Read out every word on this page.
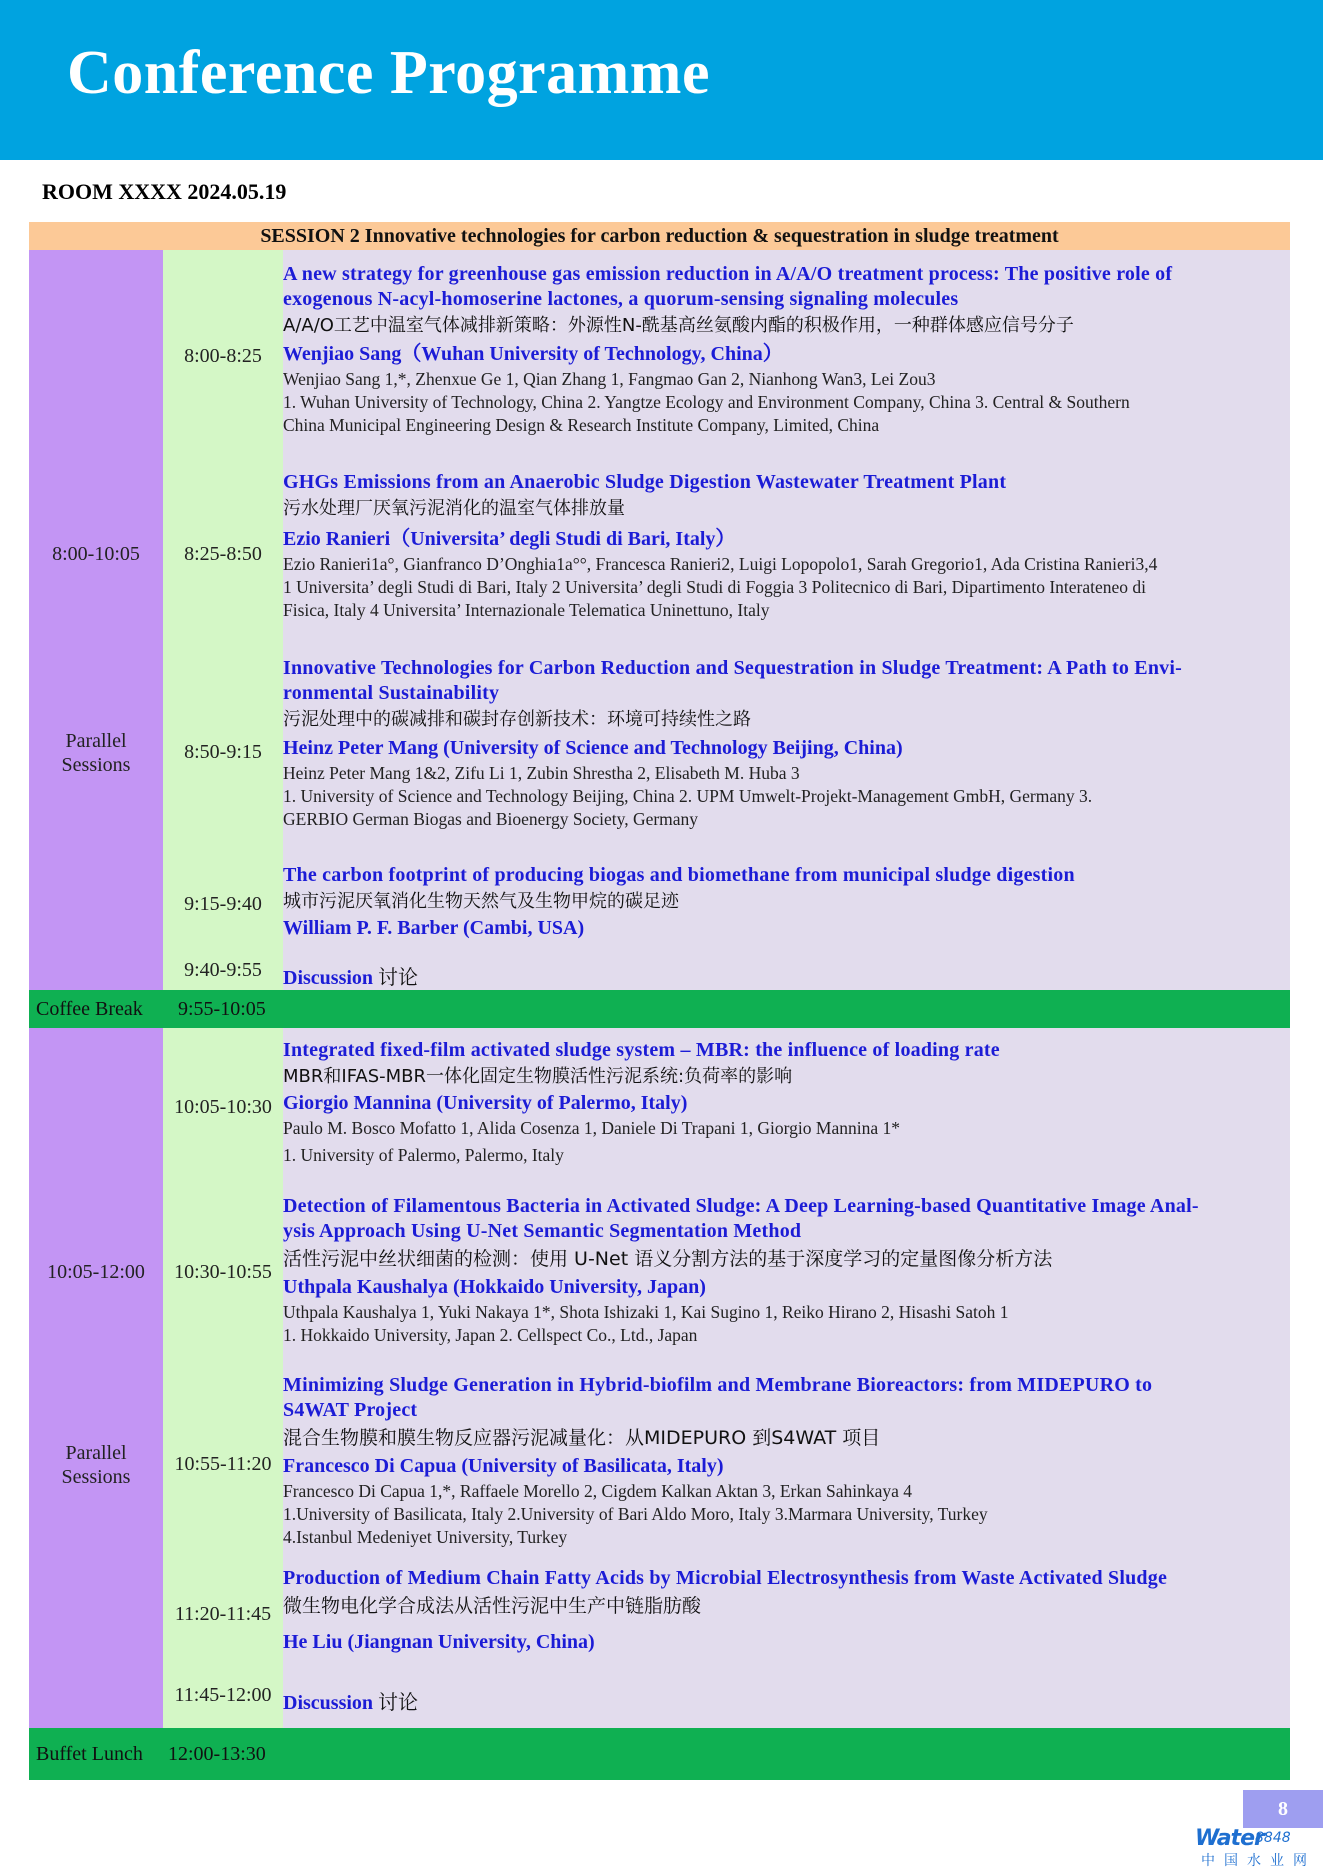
Conference Programme
ROOM XXXX 2024.05.19
SESSION 2 Innovative technologies for carbon reduction & sequestration in sludge treatment
8:00-10:05
Parallel
Sessions
8:00-8:25
A new strategy for greenhouse gas emission reduction in A/A/O treatment process: The positive role of
exogenous N-acyl-homoserine lactones, a quorum-sensing signaling molecules
A/A/O工艺中温室气体减排新策略：外源性N-酰基高丝氨酸内酯的积极作用，一种群体感应信号分子
Wenjiao Sang（Wuhan University of Technology, China）
Wenjiao Sang 1,*, Zhenxue Ge 1, Qian Zhang 1, Fangmao Gan 2, Nianhong Wan3, Lei Zou3
1. Wuhan University of Technology, China 2. Yangtze Ecology and Environment Company, China 3. Central & Southern
China Municipal Engineering Design & Research Institute Company, Limited, China
8:25-8:50
GHGs Emissions from an Anaerobic Sludge Digestion Wastewater Treatment Plant
污水处理厂厌氧污泥消化的温室气体排放量
Ezio Ranieri（Universita’ degli Studi di Bari, Italy）
Ezio Ranieri1a°, Gianfranco D’Onghia1a°°, Francesca Ranieri2, Luigi Lopopolo1, Sarah Gregorio1, Ada Cristina Ranieri3,4
1 Universita’ degli Studi di Bari, Italy 2 Universita’ degli Studi di Foggia 3 Politecnico di Bari, Dipartimento Interateneo di
Fisica, Italy 4 Universita’ Internazionale Telematica Uninettuno, Italy
8:50-9:15
Innovative Technologies for Carbon Reduction and Sequestration in Sludge Treatment: A Path to Envi-
ronmental Sustainability
污泥处理中的碳减排和碳封存创新技术：环境可持续性之路
Heinz Peter Mang (University of Science and Technology Beijing, China)
Heinz Peter Mang 1&2, Zifu Li 1, Zubin Shrestha 2, Elisabeth M. Huba 3
1. University of Science and Technology Beijing, China 2. UPM Umwelt-Projekt-Management GmbH, Germany 3.
GERBIO German Biogas and Bioenergy Society, Germany
9:15-9:40
The carbon footprint of producing biogas and biomethane from municipal sludge digestion
城市污泥厌氧消化生物天然气及生物甲烷的碳足迹
William P. F. Barber (Cambi, USA)
9:40-9:55	Discussion 讨论
Coffee Break 9:55-10:05
10:05-12:00
Parallel
Sessions
10:05-10:30
Integrated fixed-film activated sludge system – MBR: the influence of loading rate
MBR和IFAS-MBR一体化固定生物膜活性污泥系统:负荷率的影响
Giorgio Mannina (University of Palermo, Italy)
Paulo M. Bosco Mofatto 1, Alida Cosenza 1, Daniele Di Trapani 1, Giorgio Mannina 1*
1. University of Palermo, Palermo, Italy
10:30-10:55
Detection of Filamentous Bacteria in Activated Sludge: A Deep Learning-based Quantitative Image Anal-
ysis Approach Using U-Net Semantic Segmentation Method
活性污泥中丝状细菌的检测：使用 U-Net 语义分割方法的基于深度学习的定量图像分析方法
Uthpala Kaushalya (Hokkaido University, Japan)
Uthpala Kaushalya 1, Yuki Nakaya 1*, Shota Ishizaki 1, Kai Sugino 1, Reiko Hirano 2, Hisashi Satoh 1
1. Hokkaido University, Japan 2. Cellspect Co., Ltd., Japan
10:55-11:20
Minimizing Sludge Generation in Hybrid-biofilm and Membrane Bioreactors: from MIDEPURO to
S4WAT Project
混合生物膜和膜生物反应器污泥减量化：从MIDEPURO 到S4WAT 项目
Francesco Di Capua (University of Basilicata, Italy)
Francesco Di Capua 1,*, Raffaele Morello 2, Cigdem Kalkan Aktan 3, Erkan Sahinkaya 4
1.University of Basilicata, Italy 2.University of Bari Aldo Moro, Italy 3.Marmara University, Turkey
4.Istanbul Medeniyet University, Turkey
11:20-11:45
Production of Medium Chain Fatty Acids by Microbial Electrosynthesis from Waste Activated Sludge
微生物电化学合成法从活性污泥中生产中链脂肪酸
He Liu (Jiangnan University, China)
11:45-12:00 Discussion 讨论
Buffet Lunch 12:00-13:30
8
Water
8848
中国水业网
